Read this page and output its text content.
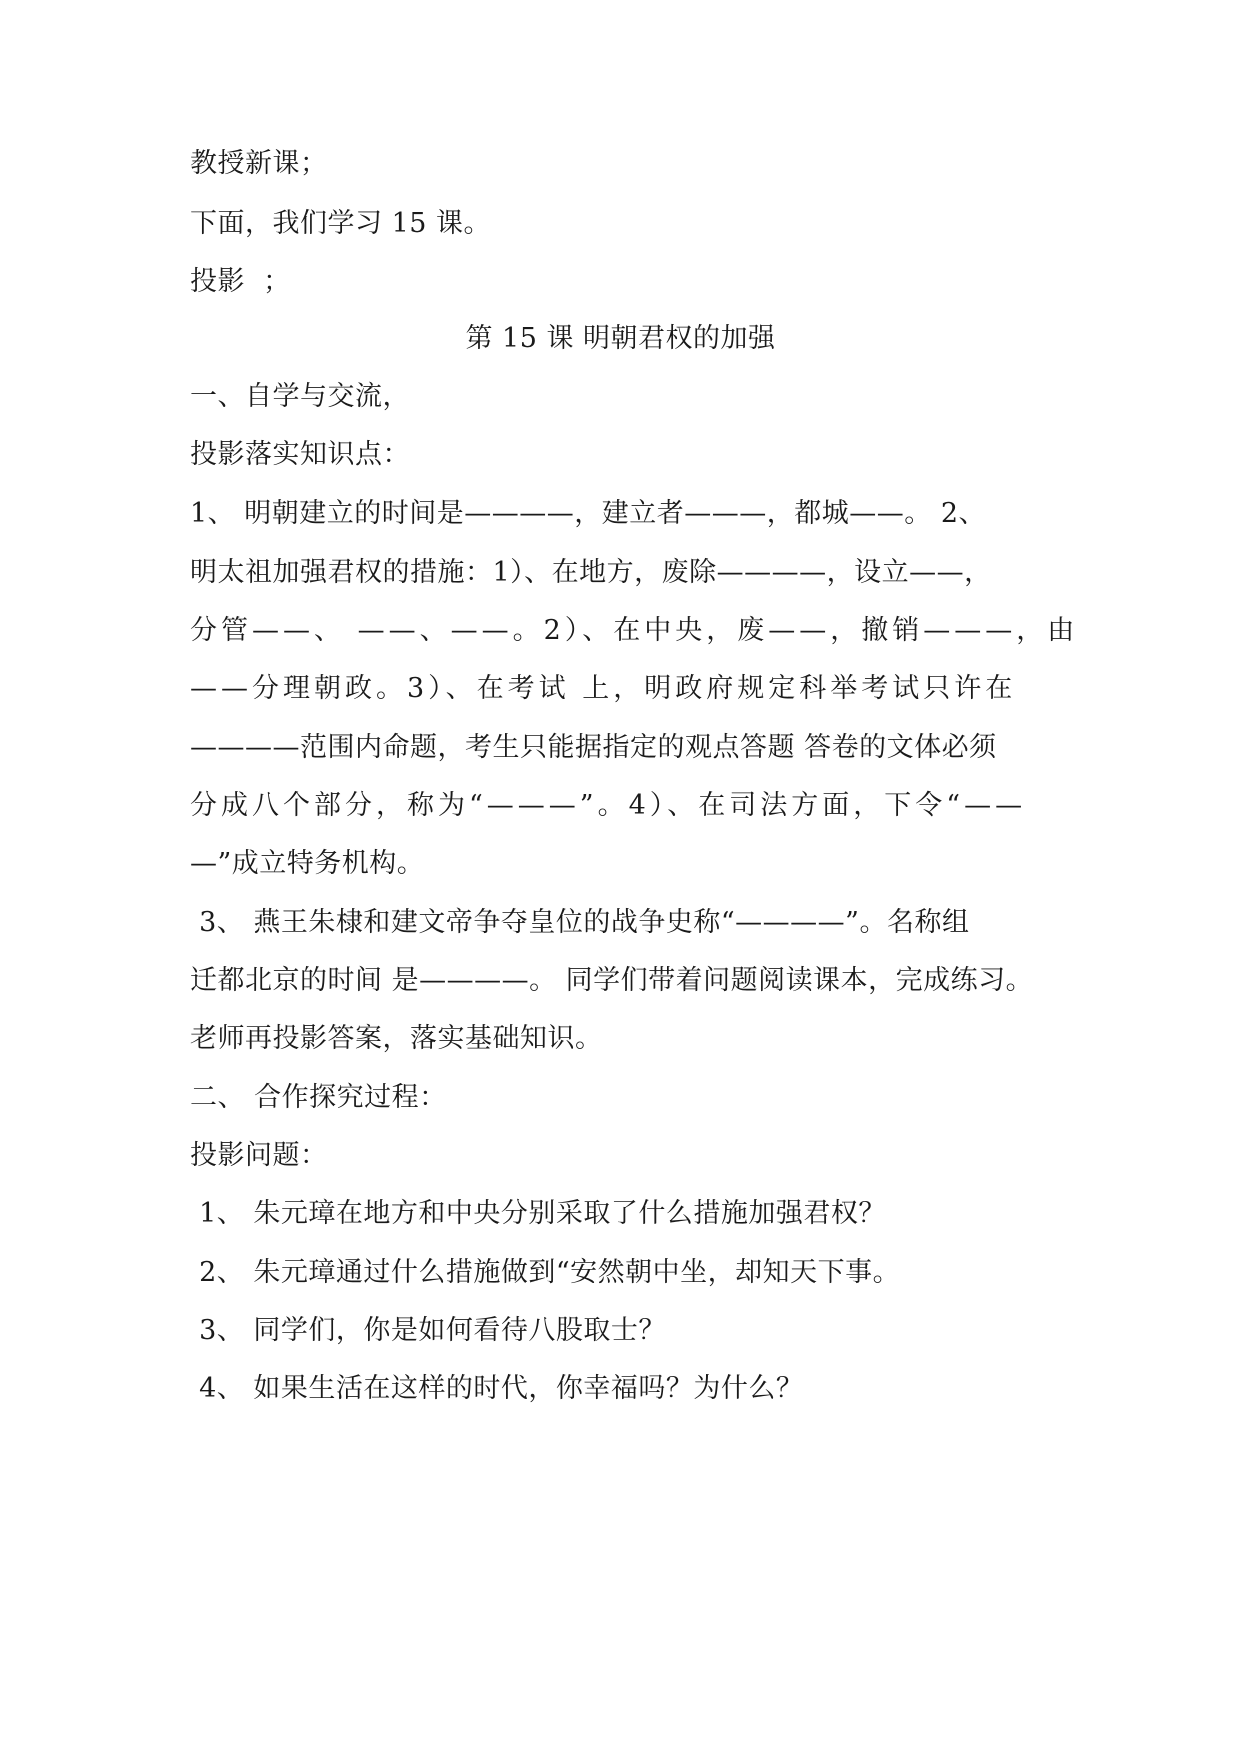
教授新课；
下面，我们学习 15 课。
投影  ；
第 15 课 明朝君权的加强
一、自学与交流，
投影落实知识点：
1、 明朝建立的时间是————，建立者———，都城——。 2、
明太祖加强君权的措施：1）、在地方，废除————，设立——，
分管——、 ——、——。2）、在中央，废——，撤销———，由
——分理朝政。3）、在考试 上，明政府规定科举考试只许在
————范围内命题，考生只能据指定的观点答题 答卷的文体必须
分成八个部分，称为“———”。4）、在司法方面，下令“——
—”成立特务机构。
3、 燕王朱棣和建文帝争夺皇位的战争史称“————”。名称组
迁都北京的时间 是————。 同学们带着问题阅读课本，完成练习。
老师再投影答案，落实基础知识。
二、 合作探究过程：
投影问题：
1、 朱元璋在地方和中央分别采取了什么措施加强君权？
2、 朱元璋通过什么措施做到“安然朝中坐，却知天下事。
3、 同学们，你是如何看待八股取士？
4、 如果生活在这样的时代，你幸福吗？为什么？
